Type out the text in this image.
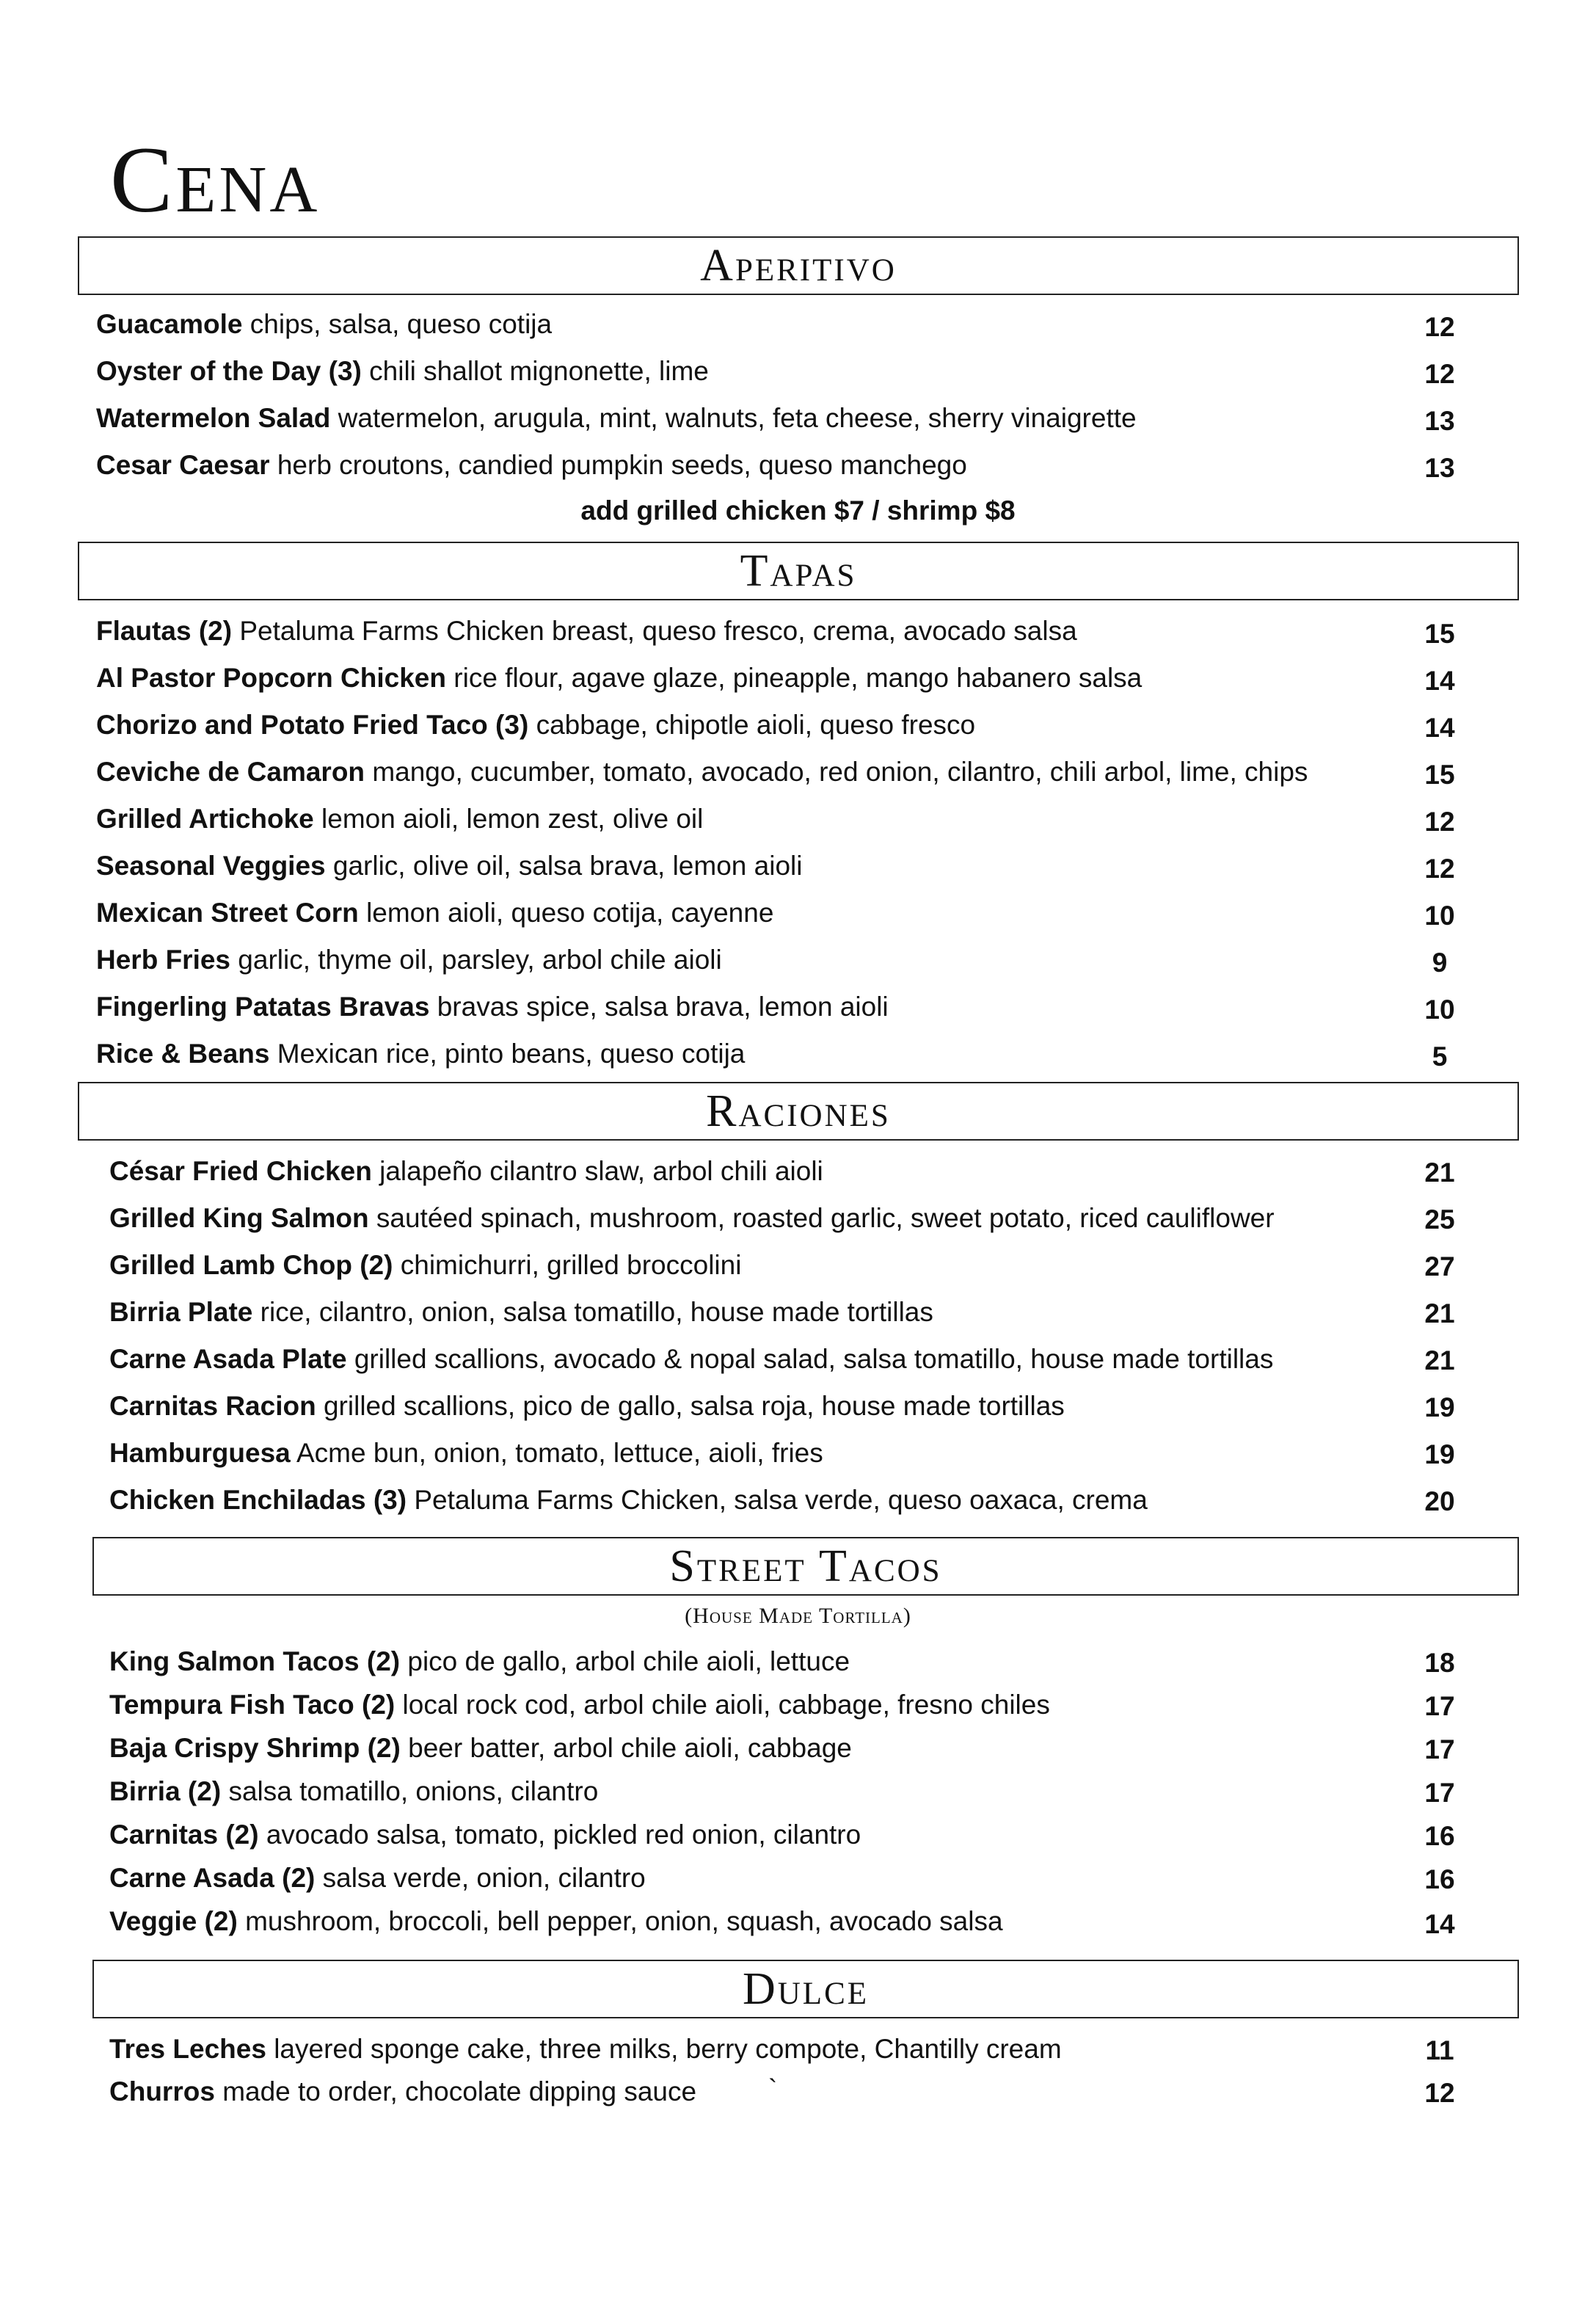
Cena
Aperitivo
Guacamole chips, salsa, queso cotija	12
Oyster of the Day (3) chili shallot mignonette, lime	12
Watermelon Salad watermelon, arugula, mint, walnuts, feta cheese, sherry vinaigrette	13
Cesar Caesar herb croutons, candied pumpkin seeds, queso manchego	13
add grilled chicken $7 / shrimp $8
Tapas
Flautas (2) Petaluma Farms Chicken breast, queso fresco, crema, avocado salsa	15
Al Pastor Popcorn Chicken rice flour, agave glaze, pineapple, mango habanero salsa	14
Chorizo and Potato Fried Taco (3) cabbage, chipotle aioli, queso fresco	14
Ceviche de Camaron mango, cucumber, tomato, avocado, red onion, cilantro, chili arbol, lime, chips	15
Grilled Artichoke lemon aioli, lemon zest, olive oil	12
Seasonal Veggies garlic, olive oil, salsa brava, lemon aioli	12
Mexican Street Corn lemon aioli, queso cotija, cayenne	10
Herb Fries garlic, thyme oil, parsley, arbol chile aioli	9
Fingerling Patatas Bravas bravas spice, salsa brava, lemon aioli	10
Rice & Beans Mexican rice, pinto beans, queso cotija	5
Raciones
César Fried Chicken jalapeño cilantro slaw, arbol chili aioli	21
Grilled King Salmon sautéed spinach, mushroom, roasted garlic, sweet potato, riced cauliflower	25
Grilled Lamb Chop (2) chimichurri, grilled broccolini	27
Birria Plate rice, cilantro, onion, salsa tomatillo, house made tortillas	21
Carne Asada Plate grilled scallions, avocado & nopal salad, salsa tomatillo, house made tortillas	21
Carnitas Racion grilled scallions, pico de gallo, salsa roja, house made tortillas	19
Hamburguesa Acme bun, onion, tomato, lettuce, aioli, fries	19
Chicken Enchiladas (3) Petaluma Farms Chicken, salsa verde, queso oaxaca, crema	20
Street Tacos
(House Made Tortilla)
King Salmon Tacos (2) pico de gallo, arbol chile aioli, lettuce	18
Tempura Fish Taco (2) local rock cod, arbol chile aioli, cabbage, fresno chiles	17
Baja Crispy Shrimp (2) beer batter, arbol chile aioli, cabbage	17
Birria (2) salsa tomatillo, onions, cilantro	17
Carnitas (2) avocado salsa, tomato, pickled red onion, cilantro	16
Carne Asada (2) salsa verde, onion, cilantro	16
Veggie (2) mushroom, broccoli, bell pepper, onion, squash, avocado salsa	14
Dulce
Tres Leches layered sponge cake, three milks, berry compote, Chantilly cream	11
Churros made to order, chocolate dipping sauce	12
`
